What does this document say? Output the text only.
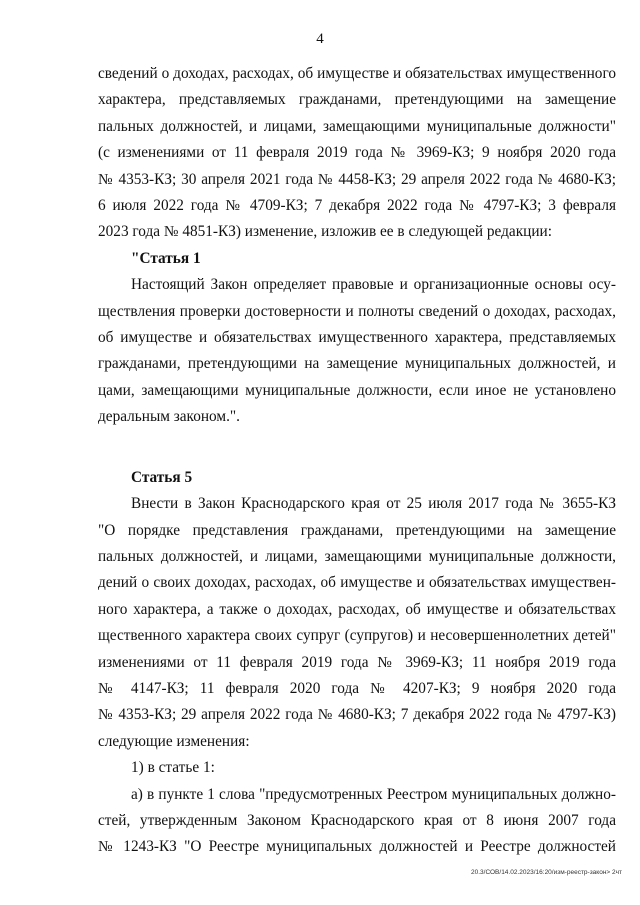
4
сведений о доходах, расходах, об имуществе и обязательствах имущественного
характера, представляемых гражданами, претендующими на замещение
пальных должностей, и лицами, замещающими муниципальные должности"
(с изменениями от 11 февраля 2019 года № 3969-КЗ; 9 ноября 2020 года
№ 4353-КЗ; 30 апреля 2021 года № 4458-КЗ; 29 апреля 2022 года № 4680-КЗ;
6 июля 2022 года № 4709-КЗ; 7 декабря 2022 года № 4797-КЗ; 3 февраля
2023 года № 4851-КЗ) изменение, изложив ее в следующей редакции:
"Статья 1
Настоящий Закон определяет правовые и организационные основы осу-
ществления проверки достоверности и полноты сведений о доходах, расходах,
об имуществе и обязательствах имущественного характера, представляемых
гражданами, претендующими на замещение муниципальных должностей, и
цами, замещающими муниципальные должности, если иное не установлено
деральным законом.".
Статья 5
Внести в Закон Краснодарского края от 25 июля 2017 года № 3655-КЗ
"О порядке представления гражданами, претендующими на замещение
пальных должностей, и лицами, замещающими муниципальные должности,
дений о своих доходах, расходах, об имуществе и обязательствах имуществен-
ного характера, а также о доходах, расходах, об имуществе и обязательствах
щественного характера своих супруг (супругов) и несовершеннолетних детей"
изменениями от 11 февраля 2019 года № 3969-КЗ; 11 ноября 2019 года
№ 4147-КЗ; 11 февраля 2020 года № 4207-КЗ; 9 ноября 2020 года
№ 4353-КЗ; 29 апреля 2022 года № 4680-КЗ; 7 декабря 2022 года № 4797-КЗ)
следующие изменения:
1) в статье 1:
а) в пункте 1 слова "предусмотренных Реестром муниципальных должно-
стей, утвержденным Законом Краснодарского края от 8 июня 2007 года
№ 1243-КЗ "О Реестре муниципальных должностей и Реестре должностей
20.3/СОВ/14.02.2023/16:20/изм-реестр-закон> 2чт
